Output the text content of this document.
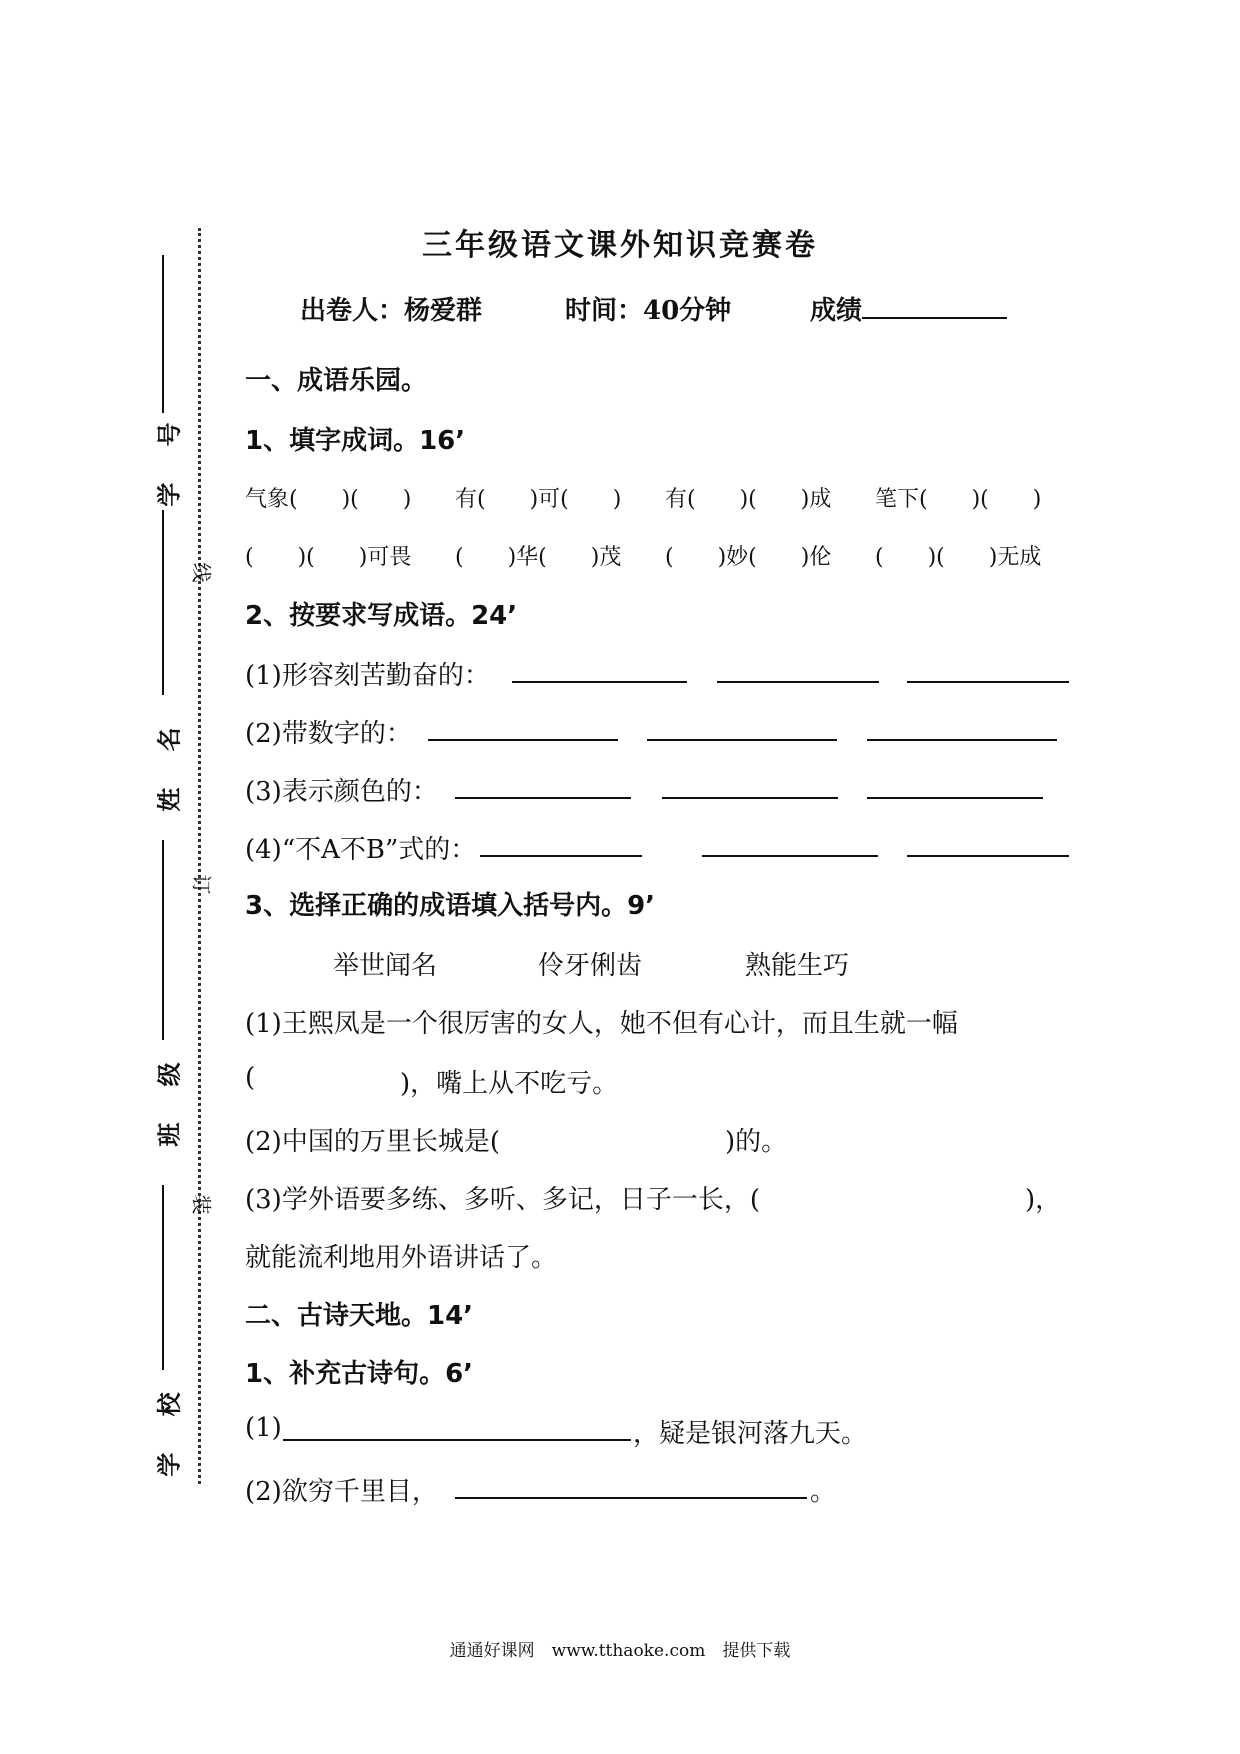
学 号
姓 名
班 级
学 校
线
订
装
三年级语文课外知识竞赛卷
出卷人：杨爱群	时间：40分钟	成绩
一、成语乐园。
1、填字成词。16’
气象(　　)(　　) 有(　　)可(　　) 有(　　)(　　)成 笔下(　　)(　　)
(　　)(　　)可畏 (　　)华(　　)茂 (　　)妙(　　)伦 (　　)(　　)无成
2、按要求写成语。24’
(1)形容刻苦勤奋的：
(2)带数字的：
(3)表示颜色的：
(4)“不A不B”式的：
3、选择正确的成语填入括号内。9’
举世闻名	伶牙俐齿	熟能生巧
(1)王熙凤是一个很厉害的女人，她不但有心计，而且生就一幅
(	)，嘴上从不吃亏。
(2)中国的万里长城是(	)的。
(3)学外语要多练、多听、多记，日子一长，(	)，
就能流利地用外语讲话了。
二、古诗天地。14’
1、补充古诗句。6’
(1)	，疑是银河落九天。
(2)欲穷千里目，	。
通通好课网　www.tthaoke.com　提供下载
